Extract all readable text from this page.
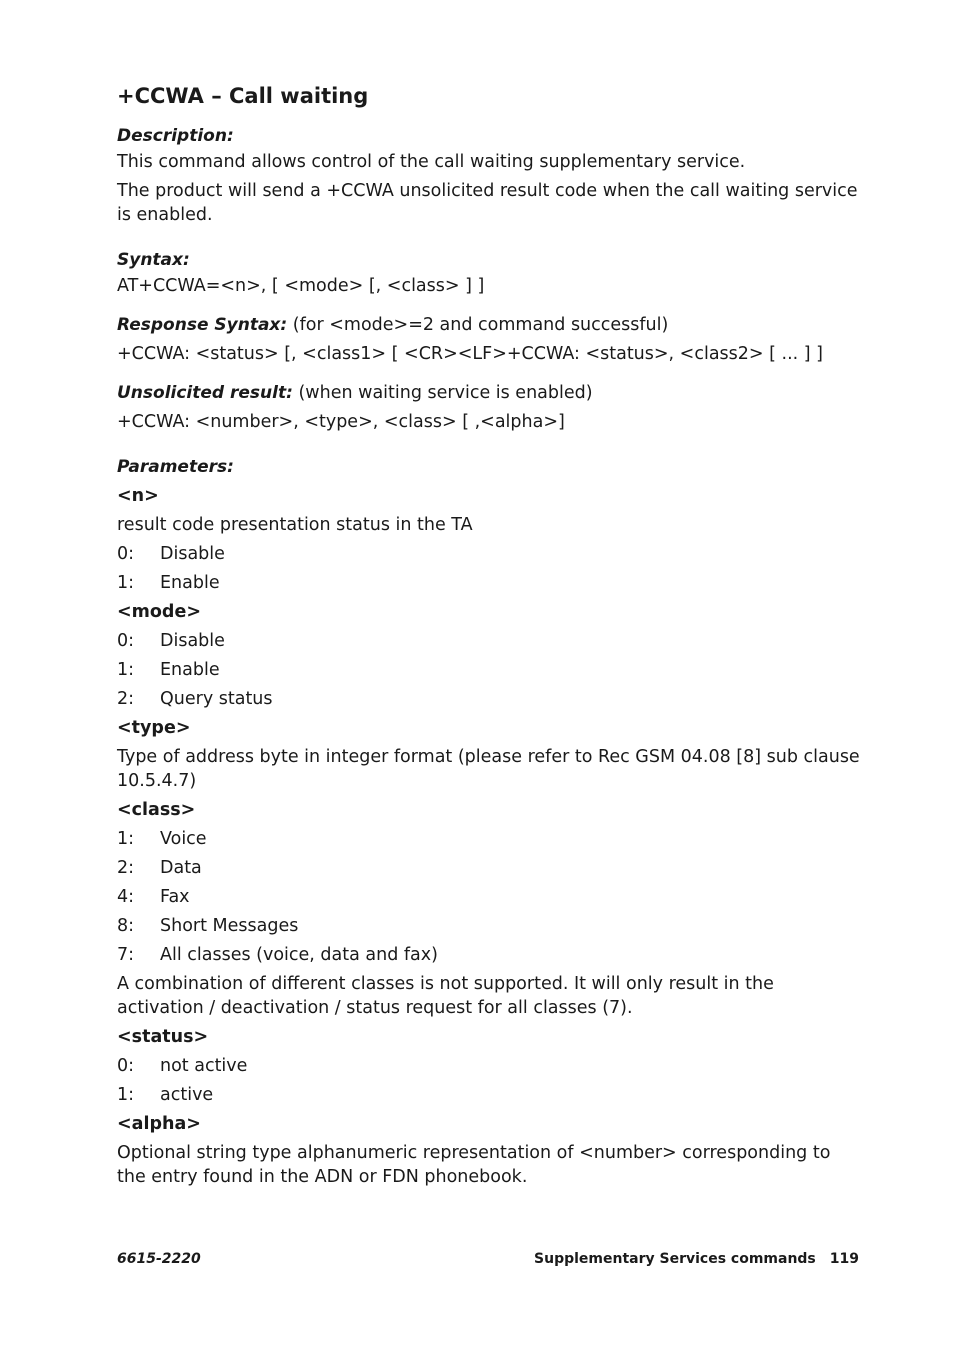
+CCWA – Call waiting
Description:
This command allows control of the call waiting supplementary service.
The product will send a +CCWA unsolicited result code when the call waiting service is enabled.
Syntax:
AT+CCWA=<n>, [ <mode> [, <class> ] ]
Response Syntax: (for <mode>=2 and command successful)
+CCWA: <status> [, <class1> [ <CR><LF>+CCWA: <status>, <class2> [ ... ] ]
Unsolicited result: (when waiting service is enabled)
+CCWA: <number>, <type>, <class> [ ,<alpha>]
Parameters:
<n>
result code presentation status in the TA
0:	Disable
1:	Enable
<mode>
0:	Disable
1:	Enable
2:	Query status
<type>
Type of address byte in integer format (please refer to Rec GSM 04.08 [8] sub clause 10.5.4.7)
<class>
1:	Voice
2:	Data
4:	Fax
8:	Short Messages
7:	All classes (voice, data and fax)
A combination of different classes is not supported. It will only result in the activation / deactivation / status request for all classes (7).
<status>
0:	not active
1:	active
<alpha>
Optional string type alphanumeric representation of <number> corresponding to the entry found in the ADN or FDN phonebook.
6615-2220	Supplementary Services commands 119
